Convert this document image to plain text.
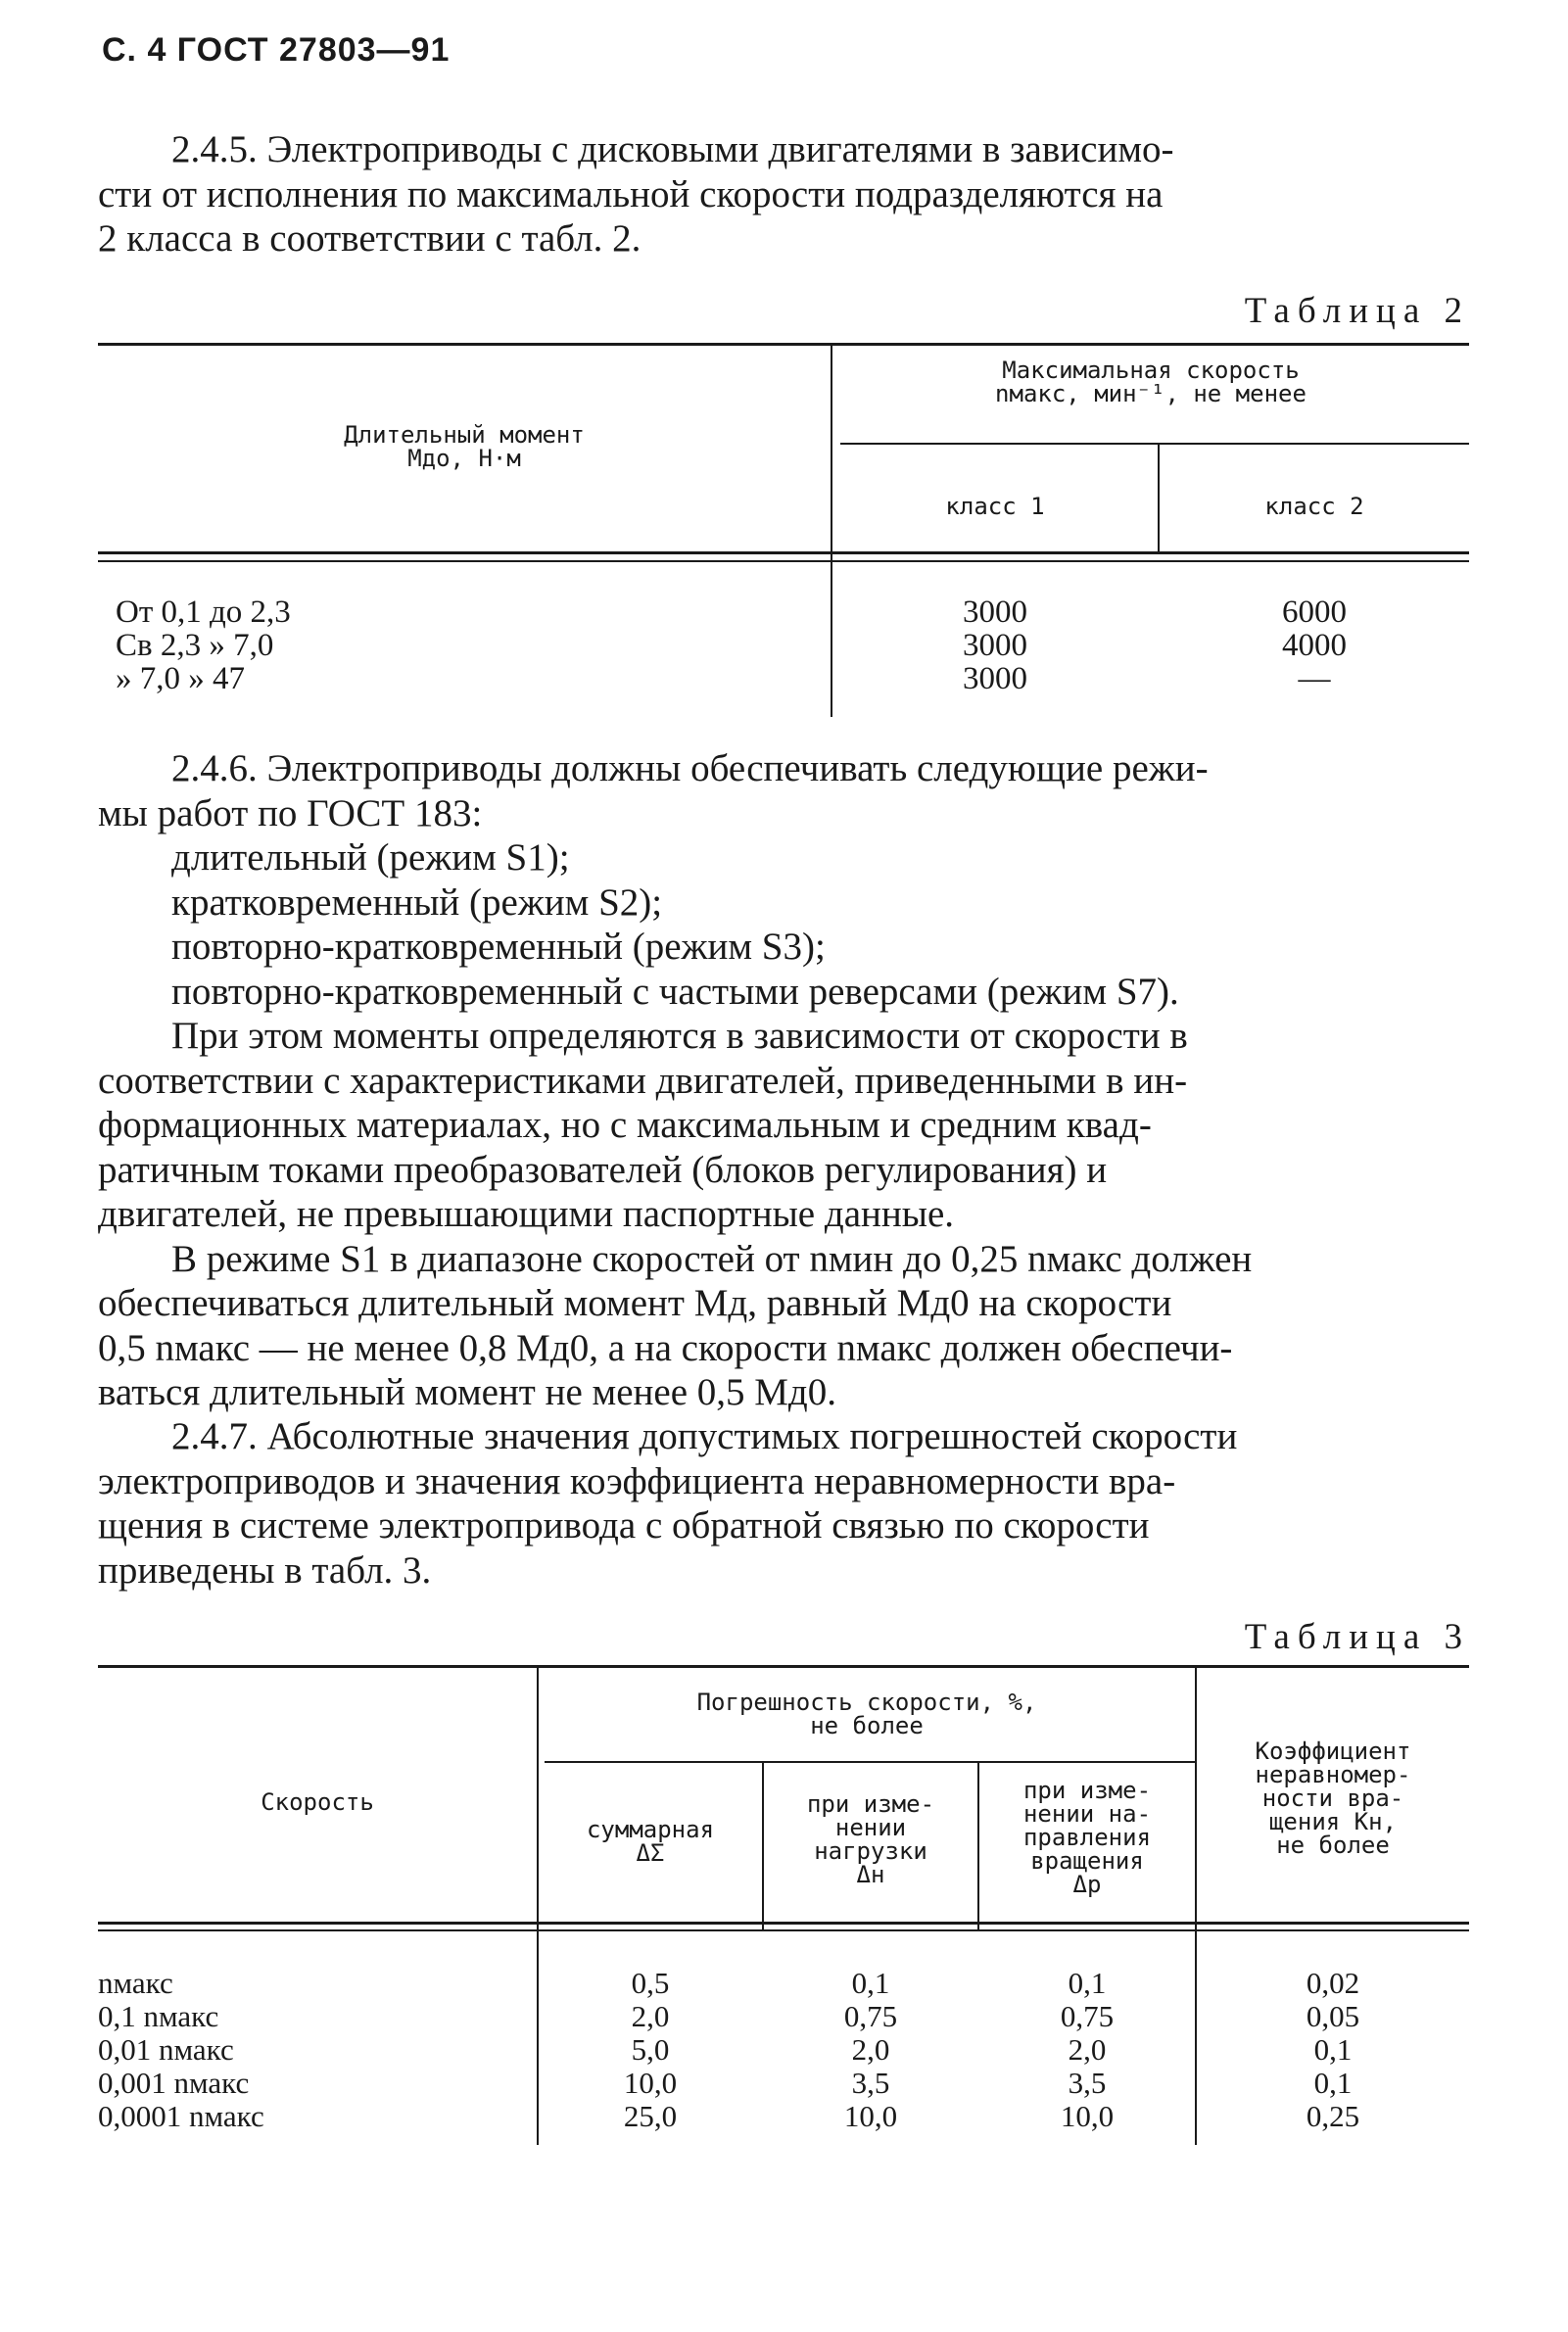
С. 4 ГОСТ 27803—91
2.4.5. Электроприводы с дисковыми двигателями в зависимо-
сти от исполнения по максимальной скорости подразделяются на
2 класса в соответствии с табл. 2.
Таблица 2
Длительный момент
Mдо, Н·м
Максимальная скорость
nмакс, мин⁻¹, не менее
класс 1	класс 2
От 0,1 до 2,3
Св 2,3 » 7,0
» 7,0 » 47
3000
3000
3000
6000
4000
—
2.4.6. Электроприводы должны обеспечивать следующие режи-
мы работ по ГОСТ 183:
длительный (режим S1);
кратковременный (режим S2);
повторно-кратковременный (режим S3);
повторно-кратковременный с частыми реверсами (режим S7).
При этом моменты определяются в зависимости от скорости в
соответствии с характеристиками двигателей, приведенными в ин-
формационных материалах, но с максимальным и средним квад-
ратичным токами преобразователей (блоков регулирования) и
двигателей, не превышающими паспортные данные.
В режиме S1 в диапазоне скоростей от nмин до 0,25 nмакс должен
обеспечиваться длительный момент Mд, равный Mд0 на скорости
0,5 nмакс — не менее 0,8 Mд0, а на скорости nмакс должен обеспечи-
ваться длительный момент не менее 0,5 Mд0.
2.4.7. Абсолютные значения допустимых погрешностей скорости
электроприводов и значения коэффициента неравномерности вра-
щения в системе электропривода с обратной связью по скорости
приведены в табл. 3.
Таблица 3
Скорость
Погрешность скорости, %,
не более
суммарная
ΔΣ
при изме-
нении
нагрузки
Δн
при изме-
нении на-
правления
вращения
Δр
Коэффициент
неравномер-
ности вра-
щения Kн,
не более
nмакс
0,1 nмакс
0,01 nмакс
0,001 nмакс
0,0001 nмакс
0,5
2,0
5,0
10,0
25,0
0,1
0,75
2,0
3,5
10,0
0,1
0,75
2,0
3,5
10,0
0,02
0,05
0,1
0,1
0,25
